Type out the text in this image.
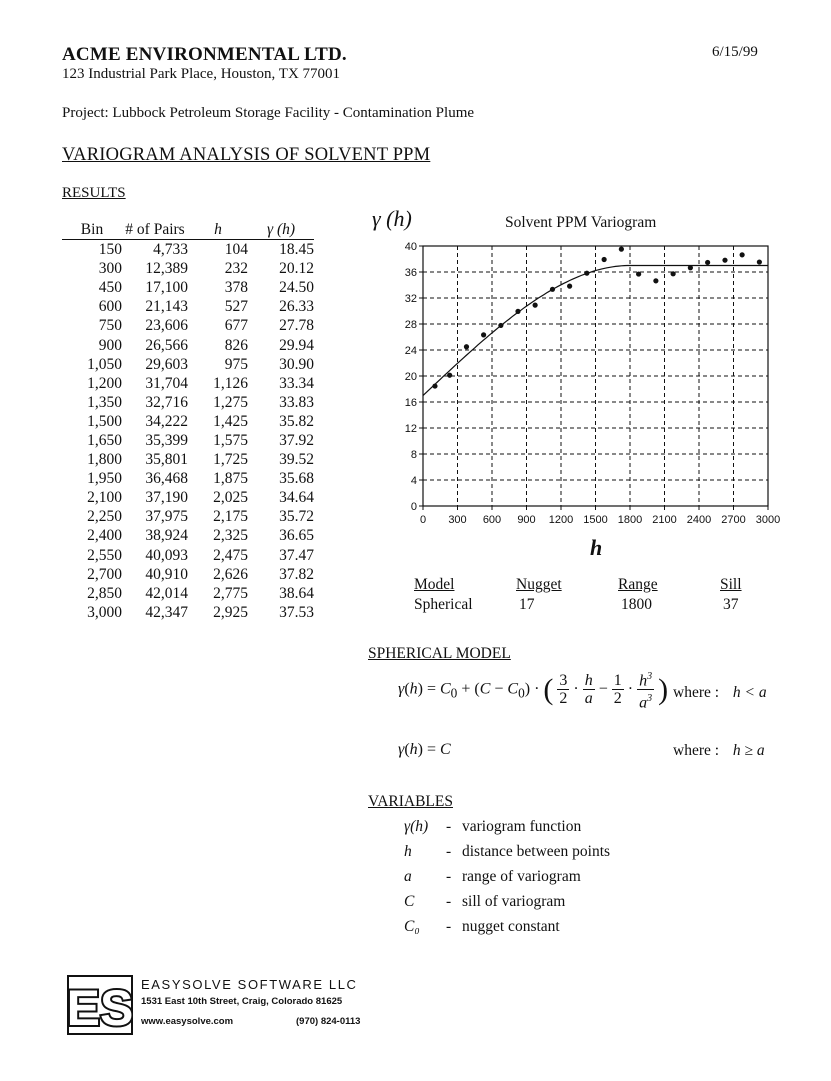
ACME ENVIRONMENTAL LTD.
123 Industrial Park Place, Houston, TX 77001
6/15/99
Project: Lubbock Petroleum Storage Facility - Contamination Plume
VARIOGRAM ANALYSIS OF SOLVENT PPM
RESULTS
Bin	# of Pairs	h	γ (h)
150	4,733	104	18.45
300	12,389	232	20.12
450	17,100	378	24.50
600	21,143	527	26.33
750	23,606	677	27.78
900	26,566	826	29.94
1,050	29,603	975	30.90
1,200	31,704	1,126	33.34
1,350	32,716	1,275	33.83
1,500	34,222	1,425	35.82
1,650	35,399	1,575	37.92
1,800	35,801	1,725	39.52
1,950	36,468	1,875	35.68
2,100	37,190	2,025	34.64
2,250	37,975	2,175	35.72
2,400	38,924	2,325	36.65
2,550	40,093	2,475	37.47
2,700	40,910	2,626	37.82
2,850	42,014	2,775	38.64
3,000	42,347	2,925	37.53
γ (h)	Solvent PPM Variogram
0 300 600 900 1200 1500 1800 2100 2400 2700 3000
0
4
8
12
16
20
24
28
32
36
40
h
Model	Nugget	Range	Sill
Spherical	17	1800	37
SPHERICAL MODEL
$\gamma(h) = C_0 + (C - C_0)$ · ( $\frac{3}{2} \cdot \frac{h}{a} - \frac{1}{2} \cdot \frac{h^3}{a^3}$ ) where : h < a
γ(h) = C	where : h ≥ a
VARIABLES
γ(h)	- variogram function
h	- distance between points
a	- range of variogram
C	- sill of variogram
C₀	- nugget constant
ES EASYSOLVE SOFTWARE LLC
1531 East 10th Street, Craig, Colorado 81625
www.easysolve.com	(970) 824-0113
